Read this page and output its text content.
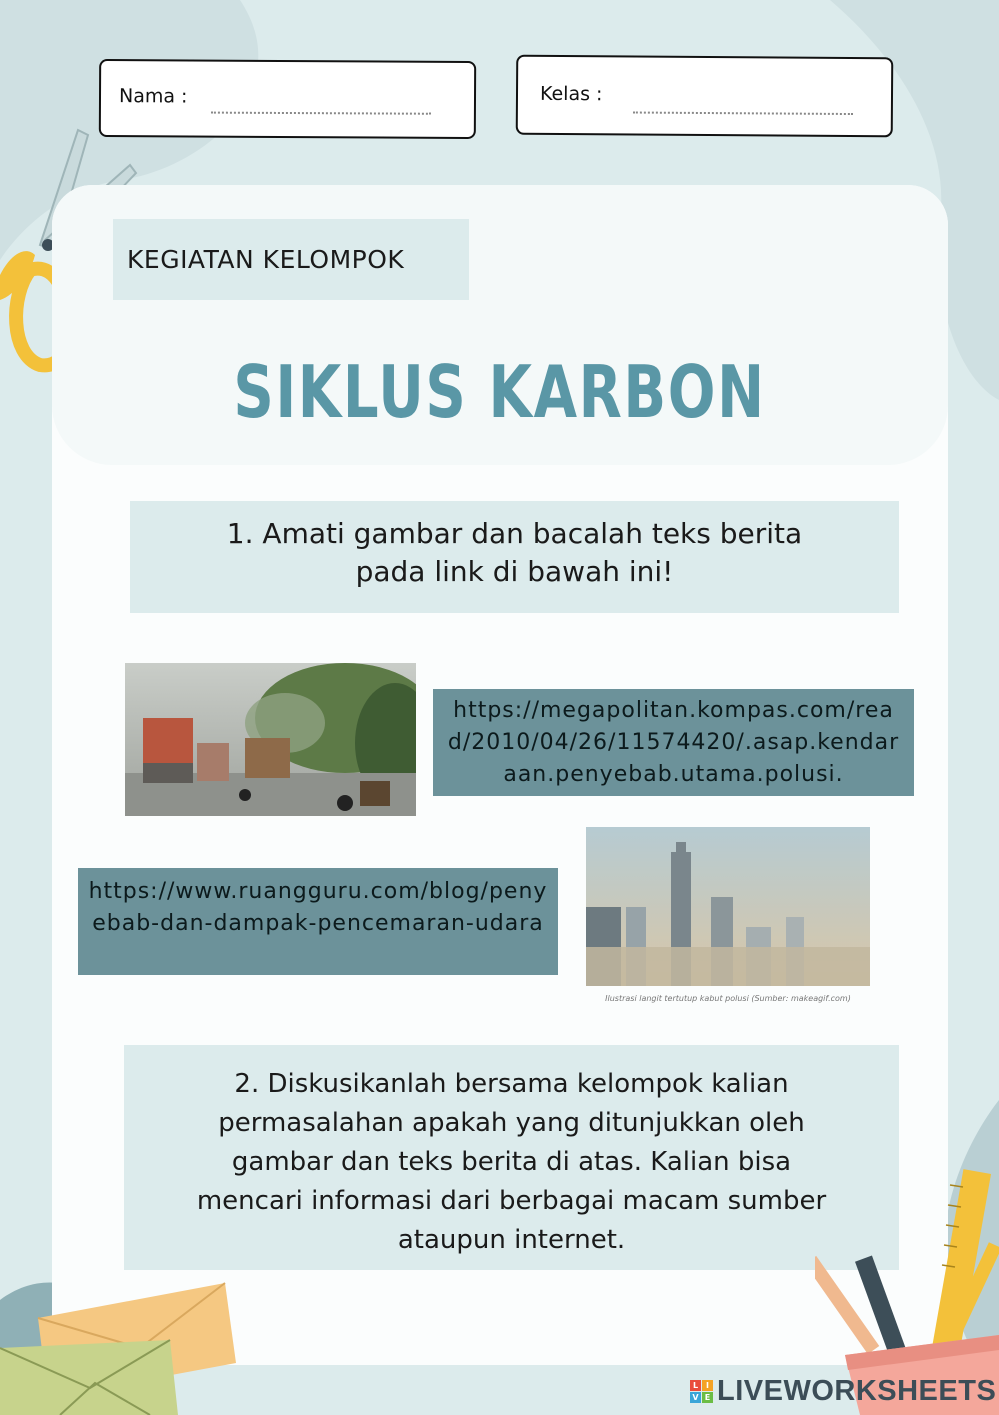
Nama :	Kelas :
KEGIATAN KELOMPOK
SIKLUS KARBON
1. Amati gambar dan bacalah teks berita
pada link di bawah ini!
https://megapolitan.kompas.com/read/2010/04/26/11574420/.asap.kendaraan.penyebab.utama.polusi.
https://www.ruangguru.com/blog/penyebab-dan-dampak-pencemaran-udara
Ilustrasi langit tertutup kabut polusi (Sumber: makeagif.com)
2. Diskusikanlah bersama kelompok kalian permasalahan apakah yang ditunjukkan oleh gambar dan teks berita di atas. Kalian bisa mencari informasi dari berbagai macam sumber ataupun internet.
L I
V E LIVEWORKSHEETS
